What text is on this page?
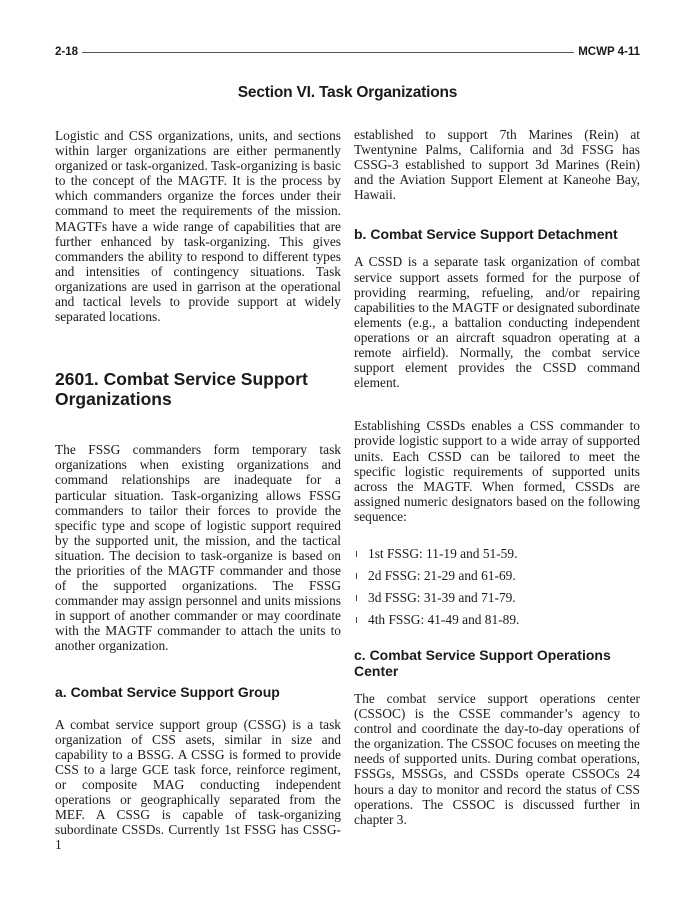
2-18	MCWP 4-11
Section VI. Task Organizations

Logistic and CSS organizations, units, and sections within larger organizations are either permanently organized or task-organized. Task-organizing is basic to the concept of the MAGTF. It is the process by which commanders organize the forces under their command to meet the requirements of the mission. MAGTFs have a wide range of capabilities that are further enhanced by task-organizing. This gives commanders the ability to respond to different types and intensities of contingency situations. Task organizations are used in garrison at the operational and tactical levels to provide support at widely separated locations.

2601. Combat Service Support Organizations

The FSSG commanders form temporary task organizations when existing organizations and command relationships are inadequate for a particular situation. Task-organizing allows FSSG commanders to tailor their forces to provide the specific type and scope of logistic support required by the supported unit, the mission, and the tactical situation. The decision to task-organize is based on the priorities of the MAGTF commander and those of the supported organizations. The FSSG commander may assign personnel and units missions in support of another commander or may coordinate with the MAGTF commander to attach the units to another organization.

a. Combat Service Support Group

A combat service support group (CSSG) is a task organization of CSS asets, similar in size and capability to a BSSG. A CSSG is formed to provide CSS to a large GCE task force, reinforce regiment, or composite MAG conducting independent operations or geographically separated from the MEF. A CSSG is capable of task-organizing subordinate CSSDs. Currently 1st FSSG has CSSG-1

established to support 7th Marines (Rein) at Twentynine Palms, California and 3d FSSG has CSSG-3 established to support 3d Marines (Rein) and the Aviation Support Element at Kaneohe Bay, Hawaii.

b. Combat Service Support Detachment

A CSSD is a separate task organization of combat service support assets formed for the purpose of providing rearming, refueling, and/or repairing capabilities to the MAGTF or designated subordinate elements (e.g., a battalion conducting independent operations or an aircraft squadron operating at a remote airfield). Normally, the combat service support element provides the CSSD command element.

Establishing CSSDs enables a CSS commander to provide logistic support to a wide array of supported units. Each CSSD can be tailored to meet the specific logistic requirements of supported units across the MAGTF. When formed, CSSDs are assigned numeric designators based on the following sequence:

1st FSSG: 11-19 and 51-59.
2d FSSG: 21-29 and 61-69.
3d FSSG: 31-39 and 71-79.
4th FSSG: 41-49 and 81-89.
c. Combat Service Support Operations Center

The combat service support operations center (CSSOC) is the CSSE commander’s agency to control and coordinate the day-to-day operations of the organization. The CSSOC focuses on meeting the needs of supported units. During combat operations, FSSGs, MSSGs, and CSSDs operate CSSOCs 24 hours a day to monitor and record the status of CSS operations. The CSSOC is discussed further in chapter 3.
